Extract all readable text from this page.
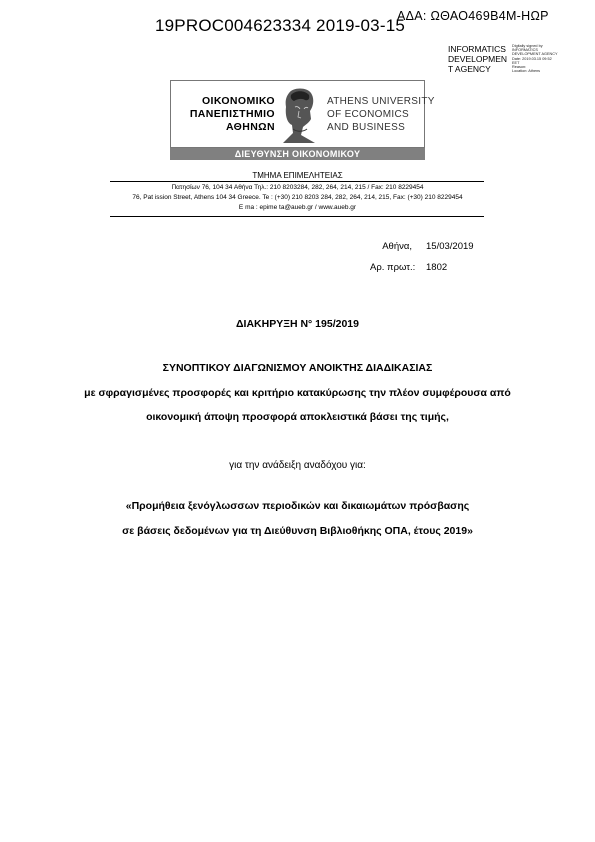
19PROC004623334 2019-03-15
ΑΔΑ: ΩΘΑΟ469Β4Μ-ΗΩΡ
INFORMATICS
DEVELOPMEN
T AGENCY
Digitally signed by
INFORMATICS
DEVELOPMENT AGENCY
Date: 2019.03.15 09:52
EET
Reason:
Location: Athens
ΟΙΚΟΝΟΜΙΚΟ
ΠΑΝΕΠΙΣΤΗΜΙΟ
ΑΘΗΝΩΝ
ATHENS UNIVERSITY
OF ECONOMICS
AND BUSINESS
ΔΙΕΥΘΥΝΣΗ ΟΙΚΟΝΟΜΙΚΟΥ
ΤΜΗΜΑ ΕΠΙΜΕΛΗΤΕΙΑΣ
Πατησίων 76, 104 34 Αθήνα Τηλ.: 210 8203284, 282, 264, 214, 215 / Fax: 210 8229454
76, Pat ission Street, Athens 104 34 Greece. Te : (+30) 210 8203 284, 282, 264, 214, 215, Fax: (+30) 210 8229454
E ma : epime ta@aueb.gr / www.aueb.gr
Αθήνα, 15/03/2019
Αρ. πρωτ.: 1802
ΔΙΑΚΗΡΥΞΗ Ν° 195/2019
ΣΥΝΟΠΤΙΚΟΥ ΔΙΑΓΩΝΙΣΜΟΥ ΑΝΟΙΚΤΗΣ ΔΙΑΔΙΚΑΣΙΑΣ
με σφραγισμένες προσφορές και κριτήριο κατακύρωσης την πλέον συμφέρουσα από
οικονομική άποψη προσφορά αποκλειστικά βάσει της τιμής,
για την ανάδειξη αναδόχου για:
«Προμήθεια ξενόγλωσσων περιοδικών και δικαιωμάτων πρόσβασης
σε βάσεις δεδομένων για τη Διεύθυνση Βιβλιοθήκης ΟΠΑ, έτους 2019»
